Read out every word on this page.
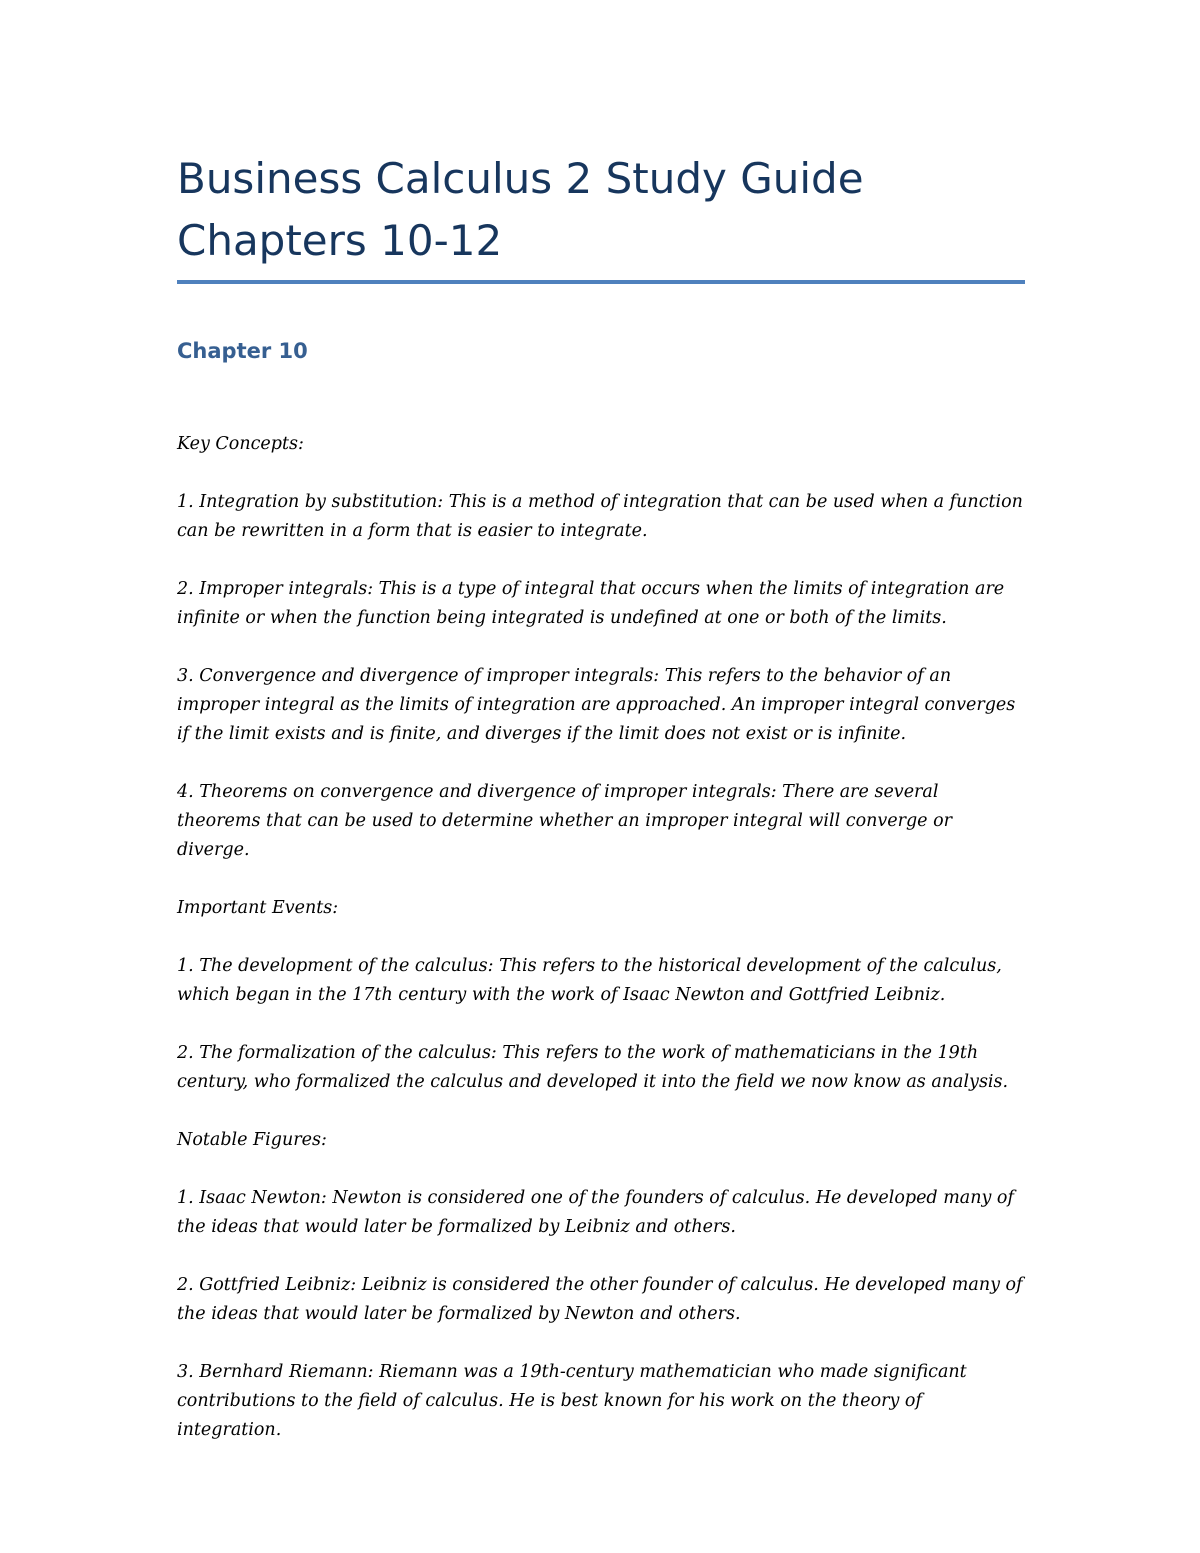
Business Calculus 2 Study Guide
Chapters 10-12
Chapter 10

Key Concepts:

1. Integration by substitution: This is a method of integration that can be used when a function can be rewritten in a form that is easier to integrate.

2. Improper integrals: This is a type of integral that occurs when the limits of integration are infinite or when the function being integrated is undefined at one or both of the limits.

3. Convergence and divergence of improper integrals: This refers to the behavior of an improper integral as the limits of integration are approached. An improper integral converges if the limit exists and is finite, and diverges if the limit does not exist or is infinite.

4. Theorems on convergence and divergence of improper integrals: There are several theorems that can be used to determine whether an improper integral will converge or diverge.

Important Events:

1. The development of the calculus: This refers to the historical development of the calculus, which began in the 17th century with the work of Isaac Newton and Gottfried Leibniz.

2. The formalization of the calculus: This refers to the work of mathematicians in the 19th century, who formalized the calculus and developed it into the field we now know as analysis.

Notable Figures:

1. Isaac Newton: Newton is considered one of the founders of calculus. He developed many of the ideas that would later be formalized by Leibniz and others.

2. Gottfried Leibniz: Leibniz is considered the other founder of calculus. He developed many of the ideas that would later be formalized by Newton and others.

3. Bernhard Riemann: Riemann was a 19th-century mathematician who made significant contributions to the field of calculus. He is best known for his work on the theory of integration.
